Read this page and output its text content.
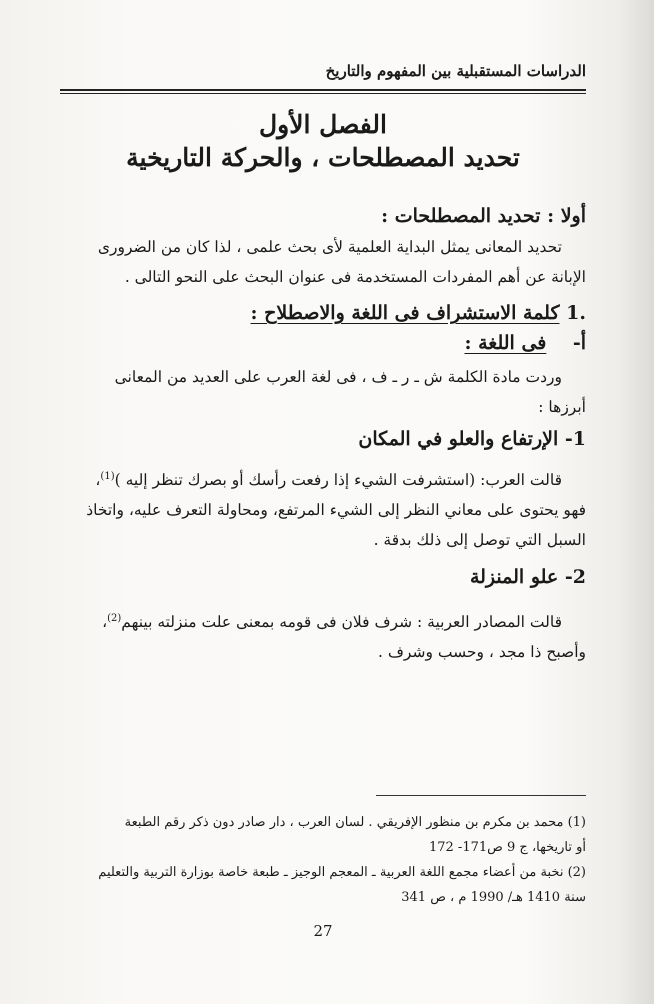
الدراسات المستقبلية بين المفهوم والتاريخ
الفصل الأول
تحديد المصطلحات ، والحركة التاريخية
أولا : تحديد المصطلحات :
تحديد المعانى يمثل البداية العلمية لأى بحث علمى ، لذا كان من الضرورى
الإبانة عن أهم المفردات المستخدمة فى عنوان البحث على النحو التالى .
.1 كلمة الاستشراف فى اللغة والاصطلاح :
أ-    فى اللغة :
وردت مادة الكلمة ش ـ ر ـ ف ، فى لغة العرب على العديد من المعانى
أبرزها :
1- الإرتفاع والعلو في المكان
قالت العرب: (استشرفت الشيء إذا رفعت رأسك أو بصرك تنظر إليه )$^{(1)}$،
فهو يحتوى على معاني النظر إلى الشيء المرتفع، ومحاولة التعرف عليه، واتخاذ
السبل التي توصل إلى ذلك بدقة .
2- علو المنزلة
قالت المصادر العربية : شرف فلان فى قومه بمعنى علت منزلته بينهم$^{(2)}$،
وأصبح ذا مجد ، وحسب وشرف .
(1) محمد بن مكرم بن منظور الإفريقي . لسان العرب ، دار صادر دون ذكر رقم الطبعة
أو تاريخها، ج 9 ص171- 172
(2) نخبة من أعضاء مجمع اللغة العربية ـ المعجم الوجيز ـ طبعة خاصة بوزارة التربية والتعليم
سنة 1410 هـ/ 1990 م ، ص 341
27
